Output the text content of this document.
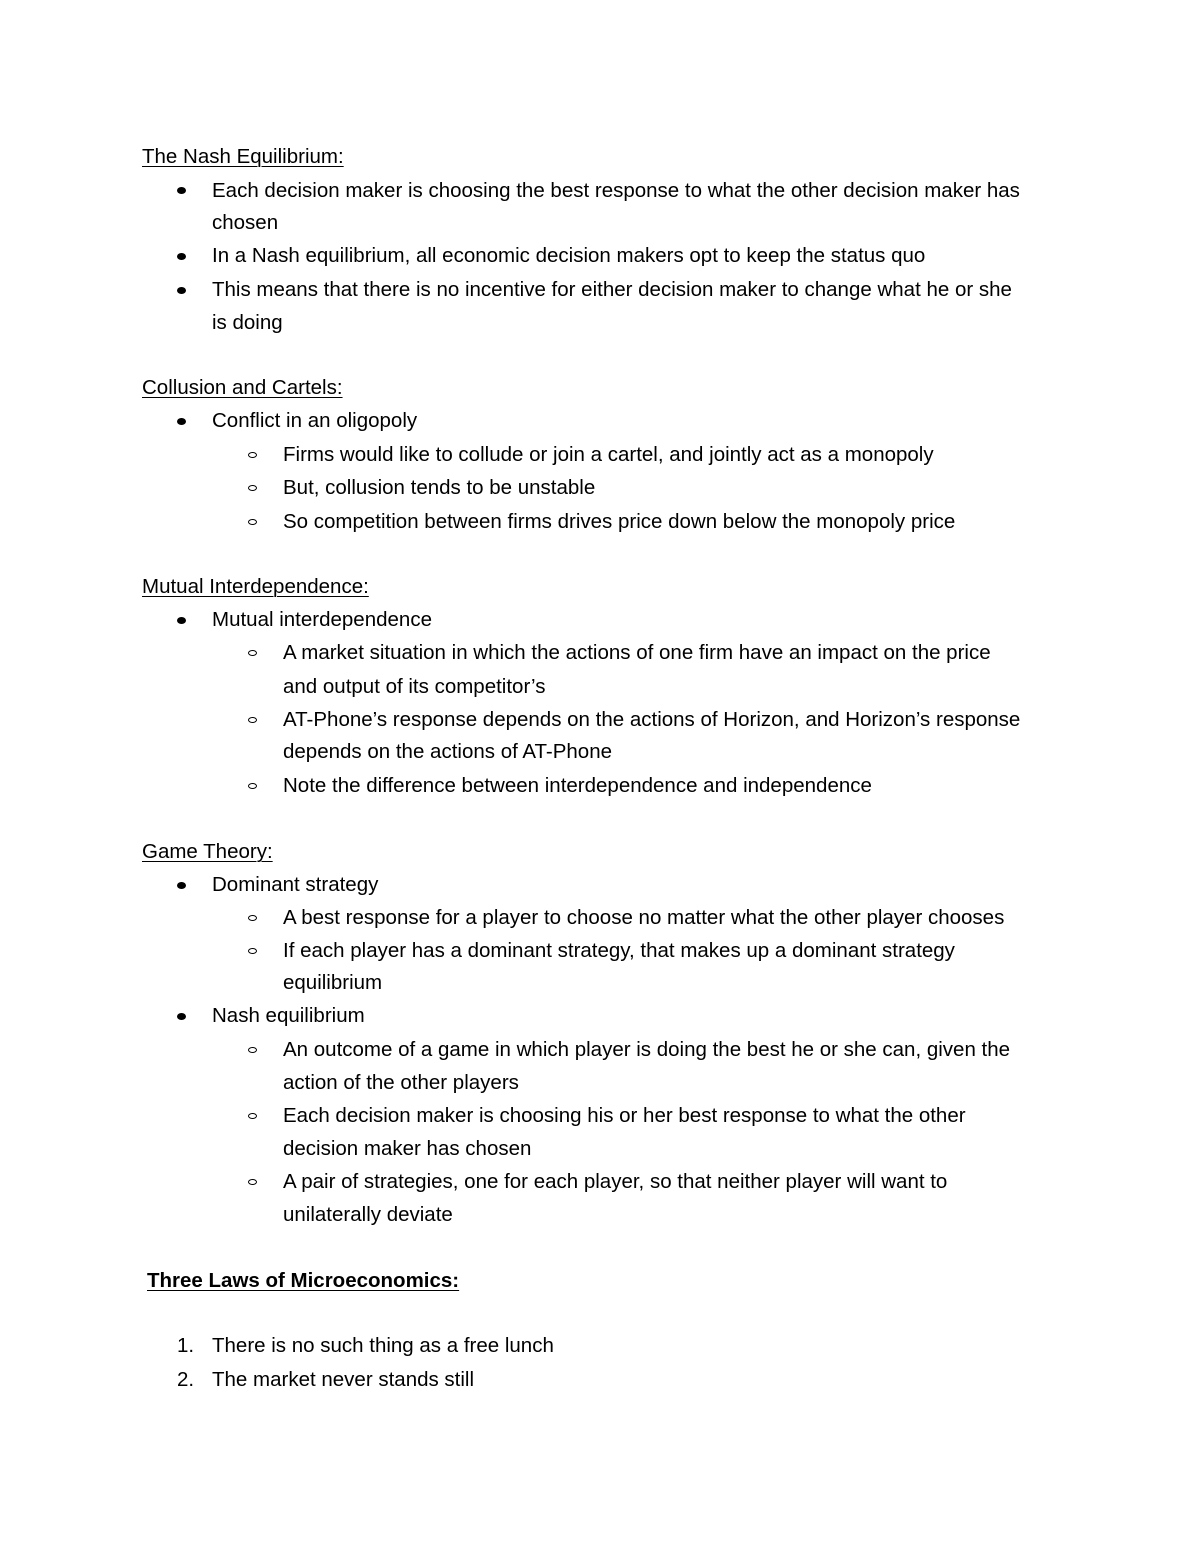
The Nash Equilibrium:
Each decision maker is choosing the best response to what the other decision maker has
chosen
In a Nash equilibrium, all economic decision makers opt to keep the status quo
This means that there is no incentive for either decision maker to change what he or she
is doing
Collusion and Cartels:
Conflict in an oligopoly
Firms would like to collude or join a cartel, and jointly act as a monopoly
But, collusion tends to be unstable
So competition between firms drives price down below the monopoly price
Mutual Interdependence:
Mutual interdependence
A market situation in which the actions of one firm have an impact on the price
and output of its competitor’s
AT-Phone’s response depends on the actions of Horizon, and Horizon’s response
depends on the actions of AT-Phone
Note the difference between interdependence and independence
Game Theory:
Dominant strategy
A best response for a player to choose no matter what the other player chooses
If each player has a dominant strategy, that makes up a dominant strategy
equilibrium
Nash equilibrium
An outcome of a game in which player is doing the best he or she can, given the
action of the other players
Each decision maker is choosing his or her best response to what the other
decision maker has chosen
A pair of strategies, one for each player, so that neither player will want to
unilaterally deviate
Three Laws of Microeconomics:
1. There is no such thing as a free lunch
2. The market never stands still
